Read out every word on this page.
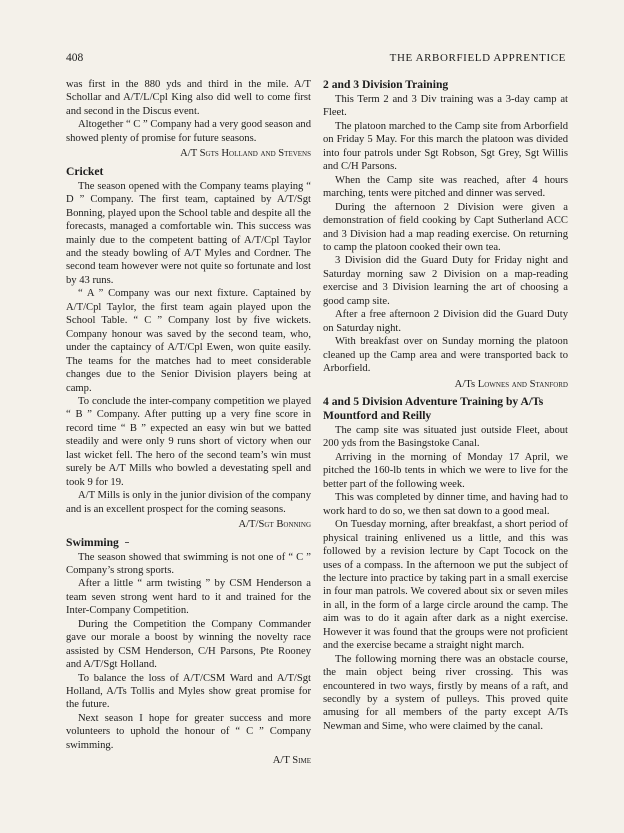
408	THE ARBORFIELD APPRENTICE

was first in the 880 yds and third in the mile. A/T Schollar and A/T/L/Cpl King also did well to come first and second in the Discus event.

Altogether “ C ” Company had a very good season and showed plenty of promise for future seasons.

A/T Sgts Holland and Stevens
Cricket

The season opened with the Company teams playing “ D ” Company. The first team, captained by A/T/Sgt Bonning, played upon the School table and despite all the forecasts, managed a comfortable win. This success was mainly due to the competent batting of A/T/Cpl Taylor and the steady bowling of A/T Myles and Cordner. The second team however were not quite so fortunate and lost by 43 runs.

“ A ” Company was our next fixture. Captained by A/T/Cpl Taylor, the first team again played upon the School Table. “ C ” Company lost by five wickets. Company honour was saved by the second team, who, under the captaincy of A/T/Cpl Ewen, won quite easily. The teams for the matches had to meet considerable changes due to the Senior Division players being at camp.

To conclude the inter-company competition we played “ B ” Company. After putting up a very fine score in record time “ B ” expected an easy win but we batted steadily and were only 9 runs short of victory when our last wicket fell. The hero of the second team’s win must surely be A/T Mills who bowled a devestating spell and took 9 for 19.

A/T Mills is only in the junior division of the company and is an excellent prospect for the coming seasons.

A/T/Sgt Bonning
Swimming

The season showed that swimming is not one of “ C ” Company’s strong sports.

After a little “ arm twisting ” by CSM Henderson a team seven strong went hard to it and trained for the Inter-Company Competition.

During the Competition the Company Commander gave our morale a boost by winning the novelty race assisted by CSM Henderson, C/H Parsons, Pte Rooney and A/T/Sgt Holland.

To balance the loss of A/T/CSM Ward and A/T/Sgt Holland, A/Ts Tollis and Myles show great promise for the future.

Next season I hope for greater success and more volunteers to uphold the honour of “ C ” Company swimming.

A/T Sime
2 and 3 Division Training

This Term 2 and 3 Div training was a 3-day camp at Fleet.

The platoon marched to the Camp site from Arborfield on Friday 5 May. For this march the platoon was divided into four patrols under Sgt Robson, Sgt Grey, Sgt Willis and C/H Parsons.

When the Camp site was reached, after 4 hours marching, tents were pitched and dinner was served.

During the afternoon 2 Division were given a demonstration of field cooking by Capt Sutherland ACC and 3 Division had a map reading exercise. On returning to camp the platoon cooked their own tea.

3 Division did the Guard Duty for Friday night and Saturday morning saw 2 Division on a map-reading exercise and 3 Division learning the art of choosing a good camp site.

After a free afternoon 2 Division did the Guard Duty on Saturday night.

With breakfast over on Sunday morning the platoon cleaned up the Camp area and were transported back to Arborfield.

A/Ts Lownes and Stanford
4 and 5 Division Adventure Training by A/Ts Mountford and Reilly

The camp site was situated just outside Fleet, about 200 yds from the Basingstoke Canal.

Arriving in the morning of Monday 17 April, we pitched the 160-lb tents in which we were to live for the better part of the following week.

This was completed by dinner time, and having had to work hard to do so, we then sat down to a good meal.

On Tuesday morning, after breakfast, a short period of physical training enlivened us a little, and this was followed by a revision lecture by Capt Tocock on the uses of a compass. In the afternoon we put the subject of the lecture into practice by taking part in a small exercise in four man patrols. We covered about six or seven miles in all, in the form of a large circle around the camp. The aim was to do it again after dark as a night exercise. However it was found that the groups were not proficient and the exercise became a straight night march.

The following morning there was an obstacle course, the main object being river crossing. This was encountered in two ways, firstly by means of a raft, and secondly by a system of pulleys. This proved quite amusing for all members of the party except A/Ts Newman and Sime, who were claimed by the canal.
